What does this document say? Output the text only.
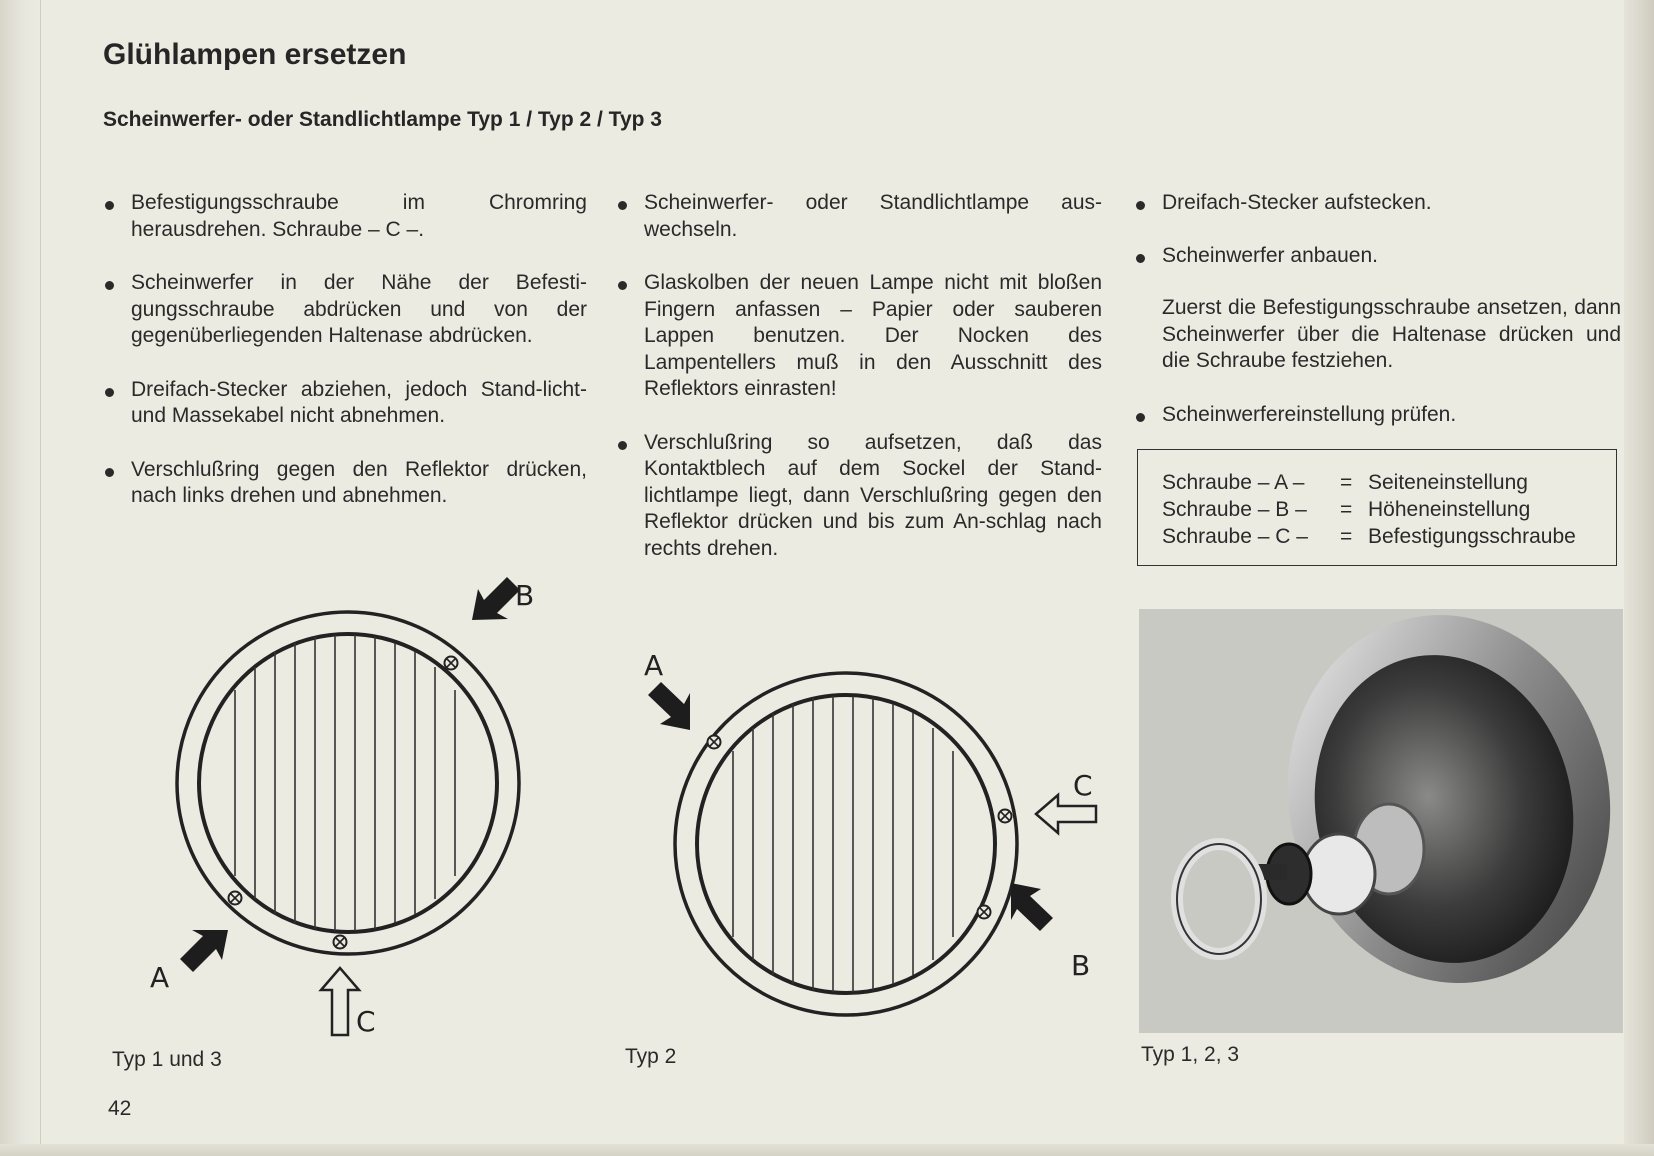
Glühlampen ersetzen
Scheinwerfer- oder Standlichtlampe Typ 1 / Typ 2 / Typ 3
Befestigungsschraube im Chromring herausdrehen. Schraube – C –.
Scheinwerfer in der Nähe der Befesti-gungsschraube abdrücken und von der gegenüberliegenden Haltenase abdrücken.
Dreifach-Stecker abziehen, jedoch Stand-licht- und Massekabel nicht abnehmen.
Verschlußring gegen den Reflektor drücken, nach links drehen und abnehmen.
Scheinwerfer- oder Standlichtlampe aus-wechseln.
Glaskolben der neuen Lampe nicht mit bloßen Fingern anfassen – Papier oder sauberen Lappen benutzen. Der Nocken des Lampentellers muß in den Ausschnitt des Reflektors einrasten!
Verschlußring so aufsetzen, daß das Kontaktblech auf dem Sockel der Stand-lichtlampe liegt, dann Verschlußring gegen den Reflektor drücken und bis zum An-schlag nach rechts drehen.
Dreifach-Stecker aufstecken.
Scheinwerfer anbauen.
Zuerst die Befestigungsschraube ansetzen, dann Scheinwerfer über die Haltenase drücken und die Schraube festziehen.
Scheinwerfereinstellung prüfen.
Schraube – A – = Seiteneinstellung
Schraube – B – = Höheneinstellung
Schraube – C – = Befestigungsschraube
B
A
C
A
C
B
Typ 1 und 3	Typ 2	Typ 1, 2, 3
42
